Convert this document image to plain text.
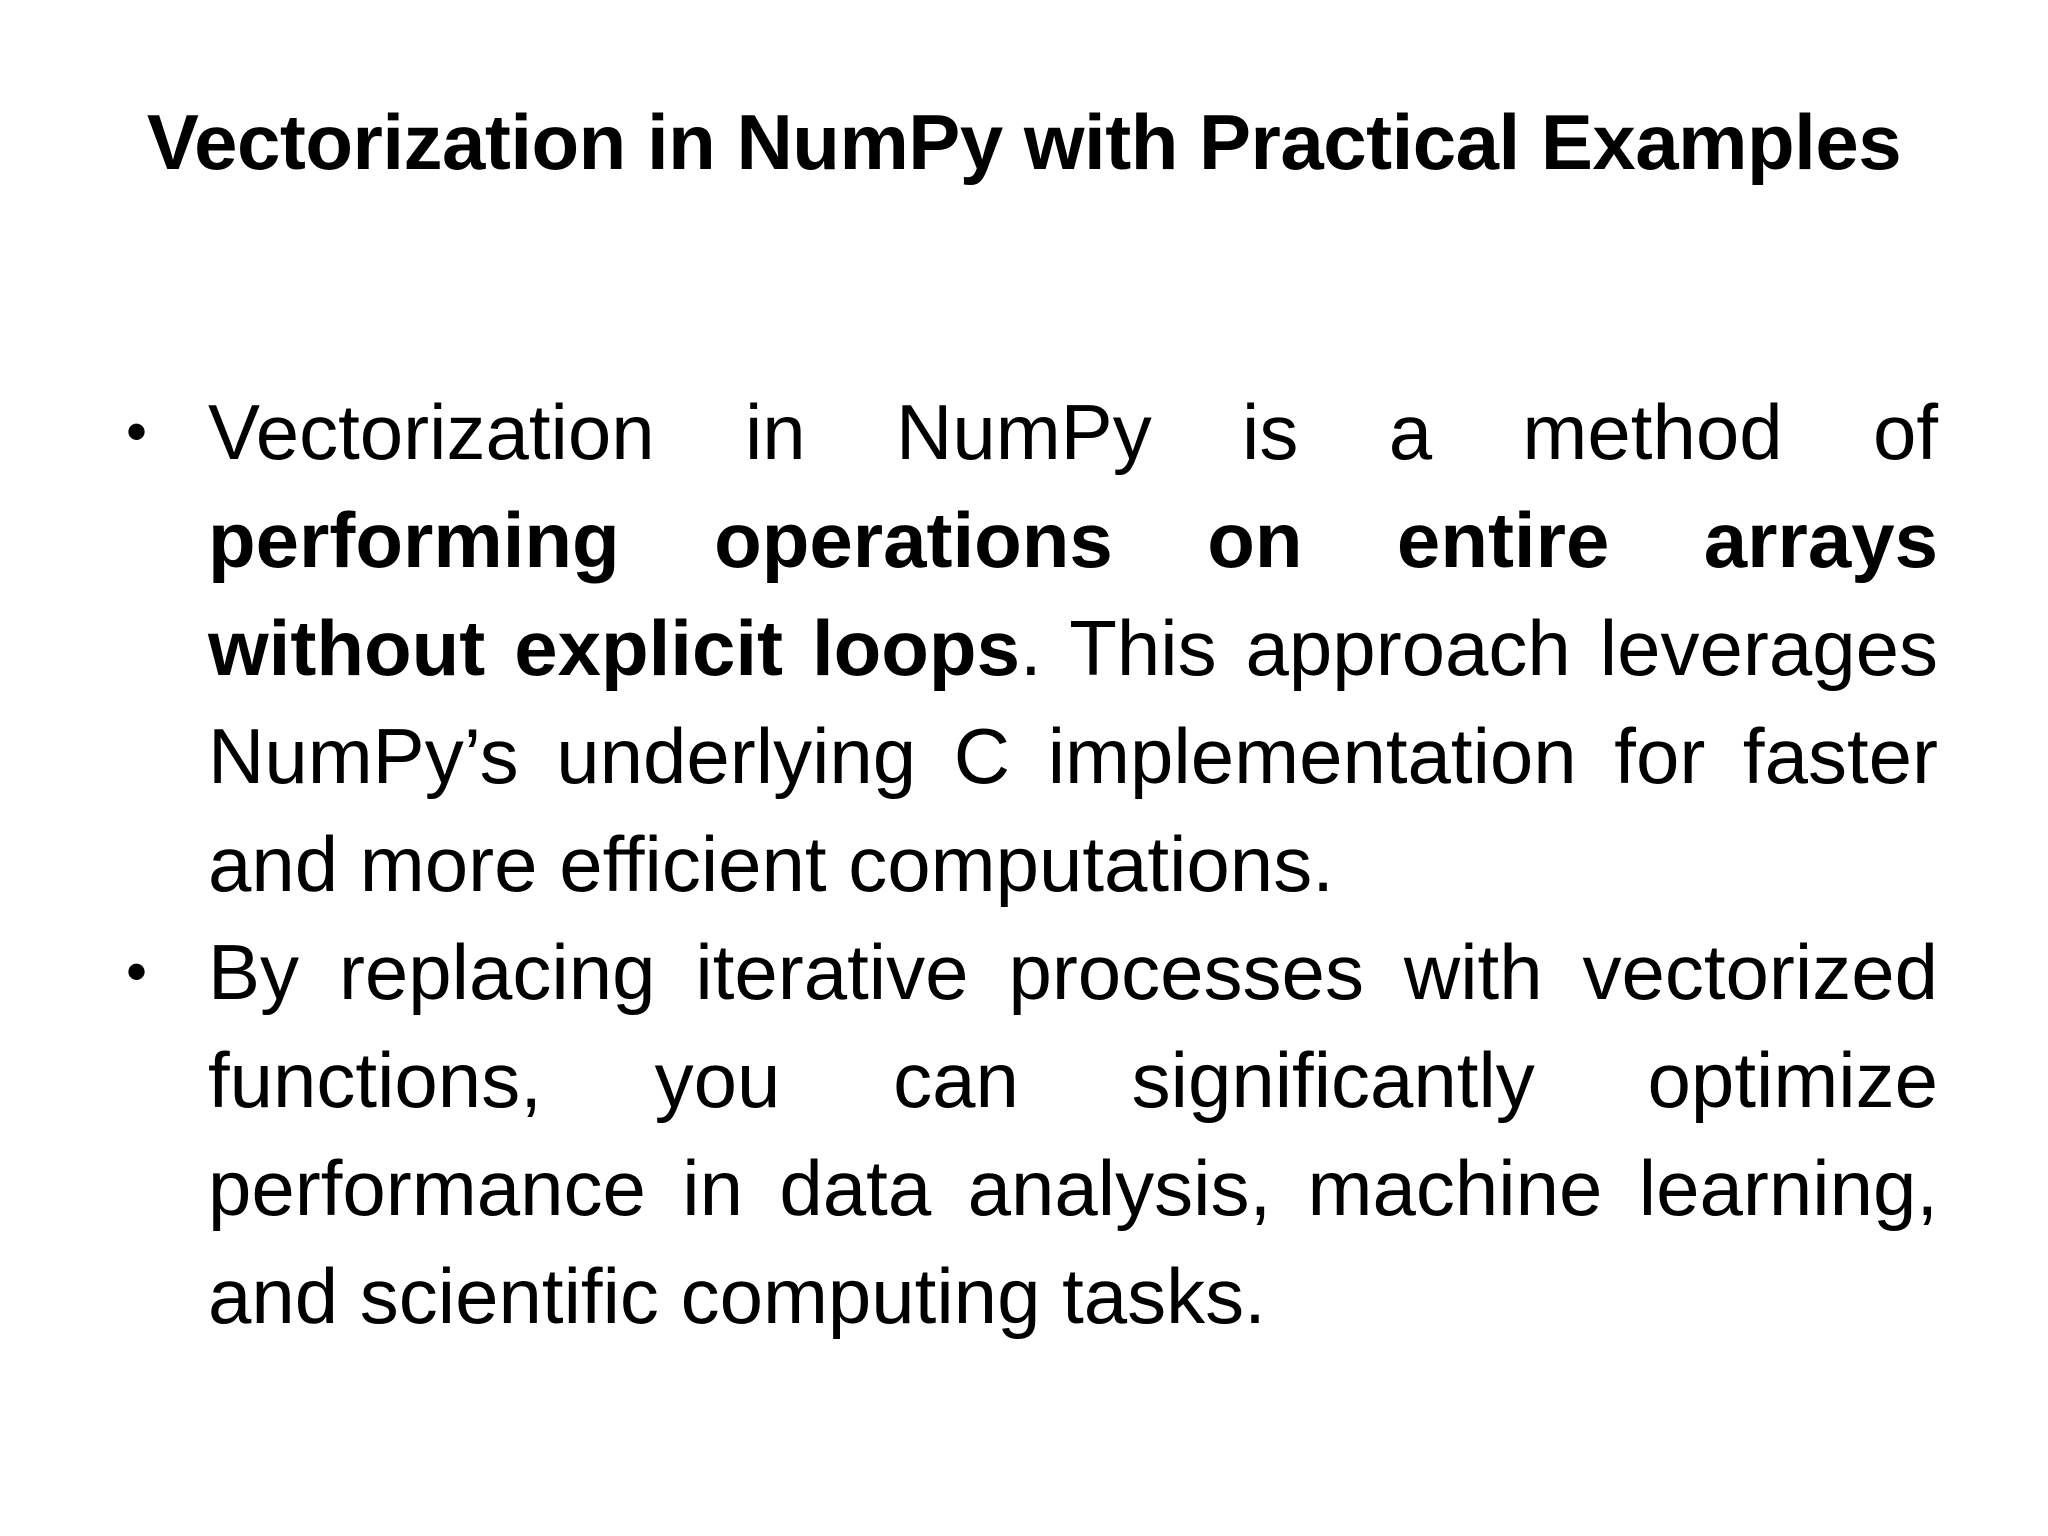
Vectorization in NumPy with Practical Examples
• Vectorization in NumPy is a method of performing operations on entire arrays without explicit loops. This approach leverages NumPy’s underlying C implementation for faster and more efficient computations.
• By replacing iterative processes with vectorized functions, you can significantly optimize performance in data analysis, machine learning, and scientific computing tasks.
